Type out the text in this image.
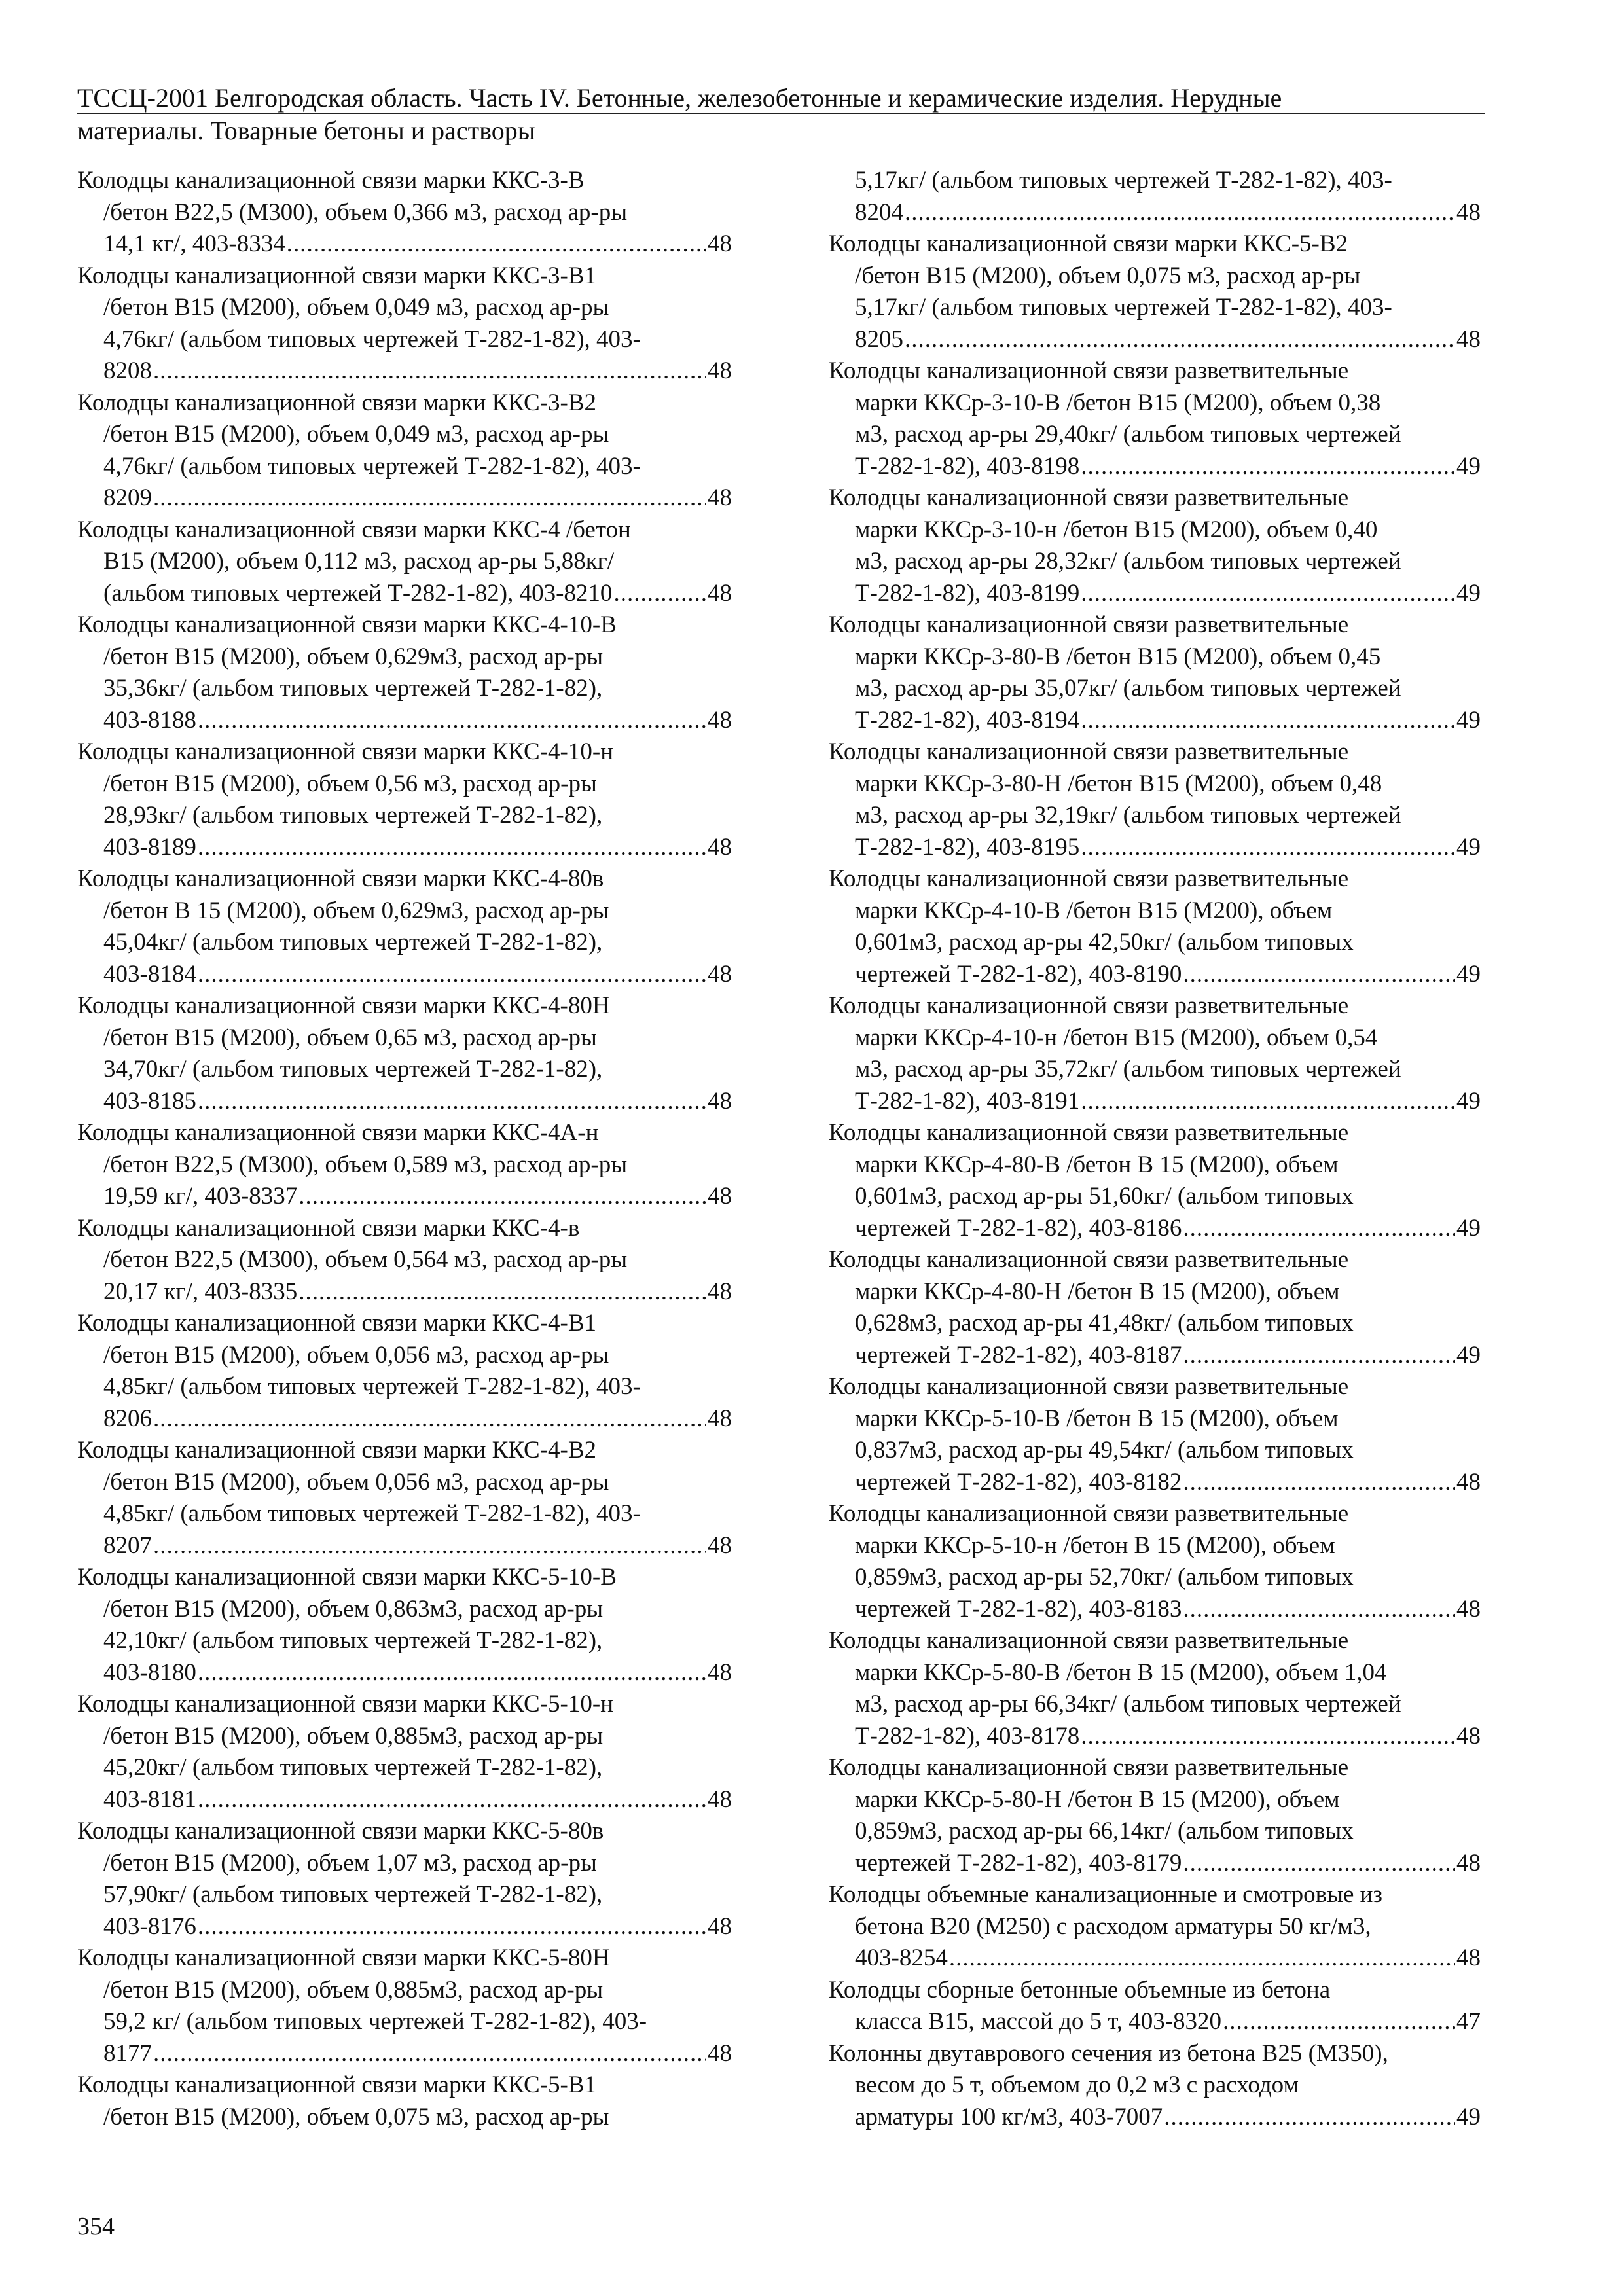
ТССЦ-2001 Белгородская область. Часть IV. Бетонные, железобетонные и керамические изделия. Нерудные
материалы. Товарные бетоны и растворы
Колодцы канализационной связи марки ККС-3-В
/бетон В22,5 (М300), объем 0,366 м3, расход ар-ры
14,1 кг/, 403-8334 .....	48
Колодцы канализационной связи марки ККС-3-В1
/бетон В15 (М200), объем 0,049 м3, расход ар-ры
4,76кг/ (альбом типовых чертежей Т-282-1-82), 403-
8208 .....	48
Колодцы канализационной связи марки ККС-3-В2
/бетон В15 (М200), объем 0,049 м3, расход ар-ры
4,76кг/ (альбом типовых чертежей Т-282-1-82), 403-
8209 .....	48
Колодцы канализационной связи марки ККС-4 /бетон
В15 (М200), объем 0,112 м3, расход ар-ры 5,88кг/
(альбом типовых чертежей Т-282-1-82), 403-8210 .....	48
Колодцы канализационной связи марки ККС-4-10-В
/бетон В15 (М200), объем 0,629м3, расход ар-ры
35,36кг/ (альбом типовых чертежей Т-282-1-82),
403-8188 .....	48
Колодцы канализационной связи марки ККС-4-10-н
/бетон В15 (М200), объем 0,56 м3, расход ар-ры
28,93кг/ (альбом типовых чертежей Т-282-1-82),
403-8189 .....	48
Колодцы канализационной связи марки ККС-4-80в
/бетон В 15 (М200), объем 0,629м3, расход ар-ры
45,04кг/ (альбом типовых чертежей Т-282-1-82),
403-8184 .....	48
Колодцы канализационной связи марки ККС-4-80Н
/бетон В15 (М200), объем 0,65 м3, расход ар-ры
34,70кг/ (альбом типовых чертежей Т-282-1-82),
403-8185 .....	48
Колодцы канализационной связи марки ККС-4А-н
/бетон В22,5 (М300), объем 0,589 м3, расход ар-ры
19,59 кг/, 403-8337 .....	48
Колодцы канализационной связи марки ККС-4-в
/бетон В22,5 (М300), объем 0,564 м3, расход ар-ры
20,17 кг/, 403-8335 .....	48
Колодцы канализационной связи марки ККС-4-В1
/бетон В15 (М200), объем 0,056 м3, расход ар-ры
4,85кг/ (альбом типовых чертежей Т-282-1-82), 403-
8206 .....	48
Колодцы канализационной связи марки ККС-4-В2
/бетон В15 (М200), объем 0,056 м3, расход ар-ры
4,85кг/ (альбом типовых чертежей Т-282-1-82), 403-
8207 .....	48
Колодцы канализационной связи марки ККС-5-10-В
/бетон В15 (М200), объем 0,863м3, расход ар-ры
42,10кг/ (альбом типовых чертежей Т-282-1-82),
403-8180 .....	48
Колодцы канализационной связи марки ККС-5-10-н
/бетон В15 (М200), объем 0,885м3, расход ар-ры
45,20кг/ (альбом типовых чертежей Т-282-1-82),
403-8181 .....	48
Колодцы канализационной связи марки ККС-5-80в
/бетон В15 (М200), объем 1,07 м3, расход ар-ры
57,90кг/ (альбом типовых чертежей Т-282-1-82),
403-8176 .....	48
Колодцы канализационной связи марки ККС-5-80Н
/бетон В15 (М200), объем 0,885м3, расход ар-ры
59,2 кг/ (альбом типовых чертежей Т-282-1-82), 403-
8177 .....	48
Колодцы канализационной связи марки ККС-5-В1
/бетон В15 (М200), объем 0,075 м3, расход ар-ры
5,17кг/ (альбом типовых чертежей Т-282-1-82), 403-
8204 .....	48
Колодцы канализационной связи марки ККС-5-В2
/бетон В15 (М200), объем 0,075 м3, расход ар-ры
5,17кг/ (альбом типовых чертежей Т-282-1-82), 403-
8205 .....	48
Колодцы канализационной связи разветвительные
марки ККСр-3-10-В /бетон В15 (М200), объем 0,38
м3, расход ар-ры 29,40кг/ (альбом типовых чертежей
Т-282-1-82), 403-8198 .....	49
Колодцы канализационной связи разветвительные
марки ККСр-3-10-н /бетон В15 (М200), объем 0,40
м3, расход ар-ры 28,32кг/ (альбом типовых чертежей
Т-282-1-82), 403-8199 .....	49
Колодцы канализационной связи разветвительные
марки ККСр-3-80-В /бетон В15 (М200), объем 0,45
м3, расход ар-ры 35,07кг/ (альбом типовых чертежей
Т-282-1-82), 403-8194 .....	49
Колодцы канализационной связи разветвительные
марки ККСр-3-80-Н /бетон В15 (М200), объем 0,48
м3, расход ар-ры 32,19кг/ (альбом типовых чертежей
Т-282-1-82), 403-8195 .....	49
Колодцы канализационной связи разветвительные
марки ККСр-4-10-В /бетон В15 (М200), объем
0,601м3, расход ар-ры 42,50кг/ (альбом типовых
чертежей Т-282-1-82), 403-8190 .....	49
Колодцы канализационной связи разветвительные
марки ККСр-4-10-н /бетон В15 (М200), объем 0,54
м3, расход ар-ры 35,72кг/ (альбом типовых чертежей
Т-282-1-82), 403-8191 .....	49
Колодцы канализационной связи разветвительные
марки ККСр-4-80-В /бетон В 15 (М200), объем
0,601м3, расход ар-ры 51,60кг/ (альбом типовых
чертежей Т-282-1-82), 403-8186 .....	49
Колодцы канализационной связи разветвительные
марки ККСр-4-80-Н /бетон В 15 (М200), объем
0,628м3, расход ар-ры 41,48кг/ (альбом типовых
чертежей Т-282-1-82), 403-8187 .....	49
Колодцы канализационной связи разветвительные
марки ККСр-5-10-В /бетон В 15 (М200), объем
0,837м3, расход ар-ры 49,54кг/ (альбом типовых
чертежей Т-282-1-82), 403-8182 .....	48
Колодцы канализационной связи разветвительные
марки ККСр-5-10-н /бетон В 15 (М200), объем
0,859м3, расход ар-ры 52,70кг/ (альбом типовых
чертежей Т-282-1-82), 403-8183 .....	48
Колодцы канализационной связи разветвительные
марки ККСр-5-80-В /бетон В 15 (М200), объем 1,04
м3, расход ар-ры 66,34кг/ (альбом типовых чертежей
Т-282-1-82), 403-8178 .....	48
Колодцы канализационной связи разветвительные
марки ККСр-5-80-Н /бетон В 15 (М200), объем
0,859м3, расход ар-ры 66,14кг/ (альбом типовых
чертежей Т-282-1-82), 403-8179 .....	48
Колодцы объемные канализационные и смотровые из
бетона В20 (М250) с расходом арматуры 50 кг/м3,
403-8254 .....	48
Колодцы сборные бетонные объемные из бетона
класса В15, массой до 5 т, 403-8320 .....	47
Колонны двутаврового сечения из бетона В25 (М350),
весом до 5 т, объемом до 0,2 м3 с расходом
арматуры 100 кг/м3, 403-7007 .....	49
354
